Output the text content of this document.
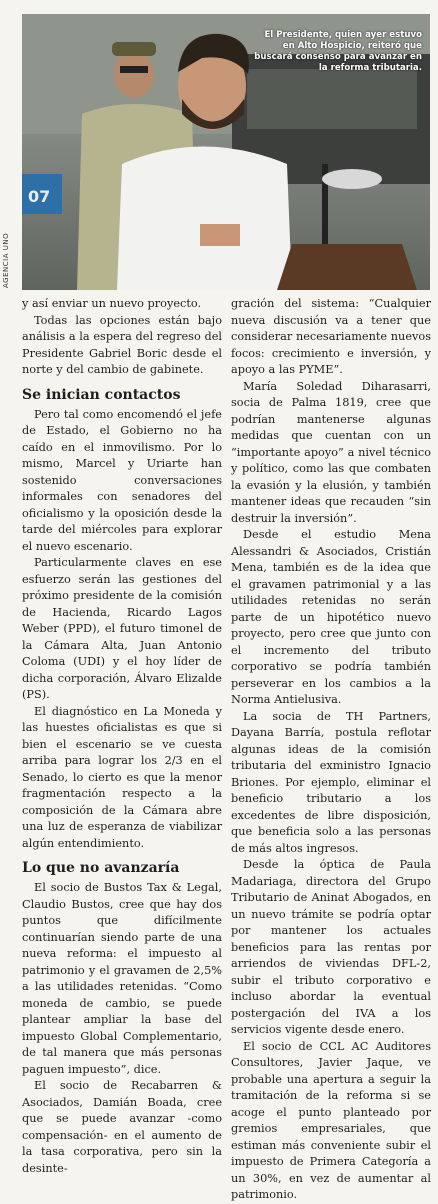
07
El Presidente, quien ayer estuvo en Alto Hospicio, reiteró que buscará consenso para avanzar en la reforma tributaria.
AGENCIA UNO

y así enviar un nuevo proyecto.

Todas las opciones están bajo análisis a la espera del regreso del Presidente Gabriel Boric desde el norte y del cambio de gabinete.

Se inician contactos

Pero tal como encomendó el jefe de Estado, el Gobierno no ha caído en el inmovilismo. Por lo mismo, Marcel y Uriarte han sostenido conversaciones informales con senadores del oficialismo y la oposición desde la tarde del miércoles para explorar el nuevo escenario.

Particularmente claves en ese esfuerzo serán las gestiones del próximo presidente de la comisión de Hacienda, Ricardo Lagos Weber (PPD), el futuro timonel de la Cámara Alta, Juan Antonio Coloma (UDI) y el hoy líder de dicha corporación, Álvaro Elizalde (PS).

El diagnóstico en La Moneda y las huestes oficialistas es que si bien el escenario se ve cuesta arriba para lograr los 2/3 en el Senado, lo cierto es que la menor fragmentación respecto a la composición de la Cámara abre una luz de esperanza de viabilizar algún entendimiento.

Lo que no avanzaría

El socio de Bustos Tax & Legal, Claudio Bustos, cree que hay dos puntos que difícilmente continuarían siendo parte de una nueva reforma: el impuesto al patrimonio y el gravamen de 2,5% a las utilidades retenidas. “Como moneda de cambio, se puede plantear ampliar la base del impuesto Global Complementario, de tal manera que más personas paguen impuesto”, dice.

El socio de Recabarren & Asociados, Damián Boada, cree que se puede avanzar -como compensación- en el aumento de la tasa corporativa, pero sin la desinte-

gración del sistema: “Cualquier nueva discusión va a tener que considerar necesariamente nuevos focos: crecimiento e inversión, y apoyo a las PYME”.

María Soledad Diharasarri, socia de Palma 1819, cree que podrían mantenerse algunas medidas que cuentan con un “importante apoyo” a nivel técnico y político, como las que combaten la evasión y la elusión, y también mantener ideas que recauden “sin destruir la inversión”.

Desde el estudio Mena Alessandri & Asociados, Cristián Mena, también es de la idea que el gravamen patrimonial y a las utilidades retenidas no serán parte de un hipotético nuevo proyecto, pero cree que junto con el incremento del tributo corporativo se podría también perseverar en los cambios a la Norma Antielusiva.

La socia de TH Partners, Dayana Barría, postula reflotar algunas ideas de la comisión tributaria del exministro Ignacio Briones. Por ejemplo, eliminar el beneficio tributario a los excedentes de libre disposición, que beneficia solo a las personas de más altos ingresos.

Desde la óptica de Paula Madariaga, directora del Grupo Tributario de Aninat Abogados, en un nuevo trámite se podría optar por mantener los actuales beneficios para las rentas por arriendos de viviendas DFL-2, subir el tributo corporativo e incluso abordar la eventual postergación del IVA a los servicios vigente desde enero.

El socio de CCL AC Auditores Consultores, Javier Jaque, ve probable una apertura a seguir la tramitación de la reforma si se acoge el punto planteado por gremios empresariales, que estiman más conveniente subir el impuesto de Primera Categoría a un 30%, en vez de aumentar al patrimonio.
